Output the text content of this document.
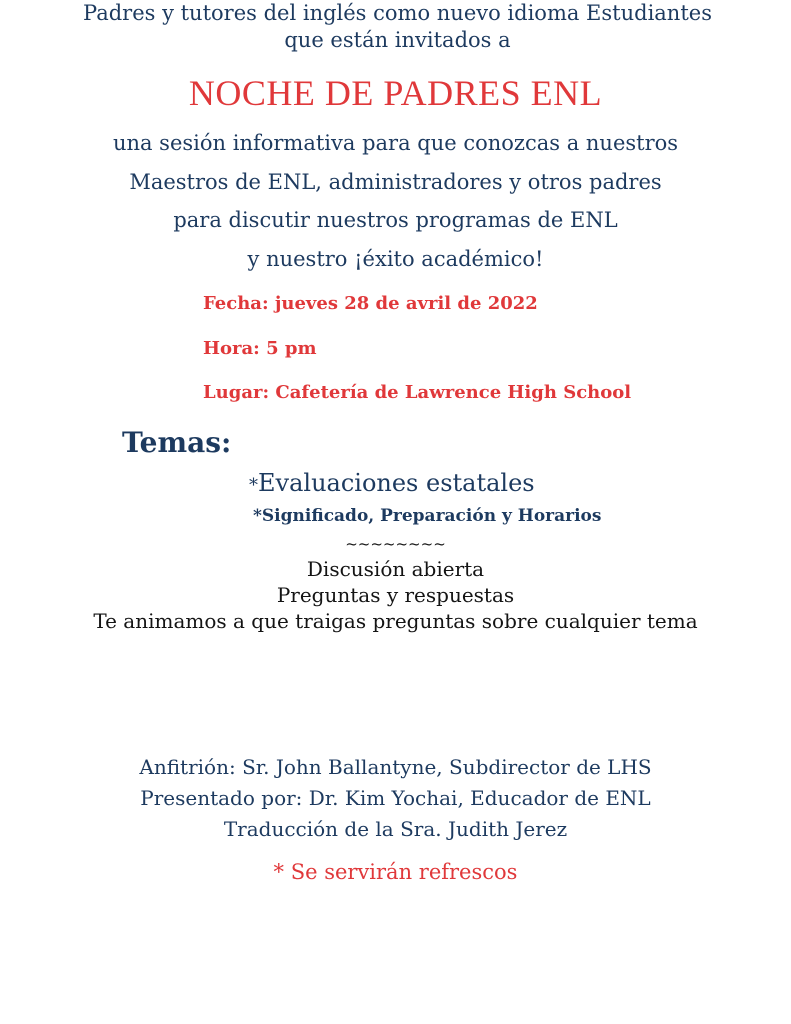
Padres y tutores del inglés como nuevo idioma Estudiantes que están invitados a

NOCHE DE PADRES ENL

una sesión informativa para que conozcas a nuestros

Maestros de ENL, administradores y otros padres

para discutir nuestros programas de ENL

y nuestro ¡éxito académico!

Fecha: jueves 28 de avril de 2022

Hora: 5 pm

Lugar: Cafetería de Lawrence High School

Temas:

*Evaluaciones estatales

*Significado, Preparación y Horarios

~~~~~~~~

Discusión abierta

Preguntas y respuestas

Te animamos a que traigas preguntas sobre cualquier tema

Anfitrión: Sr. John Ballantyne, Subdirector de LHS

Presentado por: Dr. Kim Yochai, Educador de ENL

Traducción de la Sra. Judith Jerez

* Se servirán refrescos
